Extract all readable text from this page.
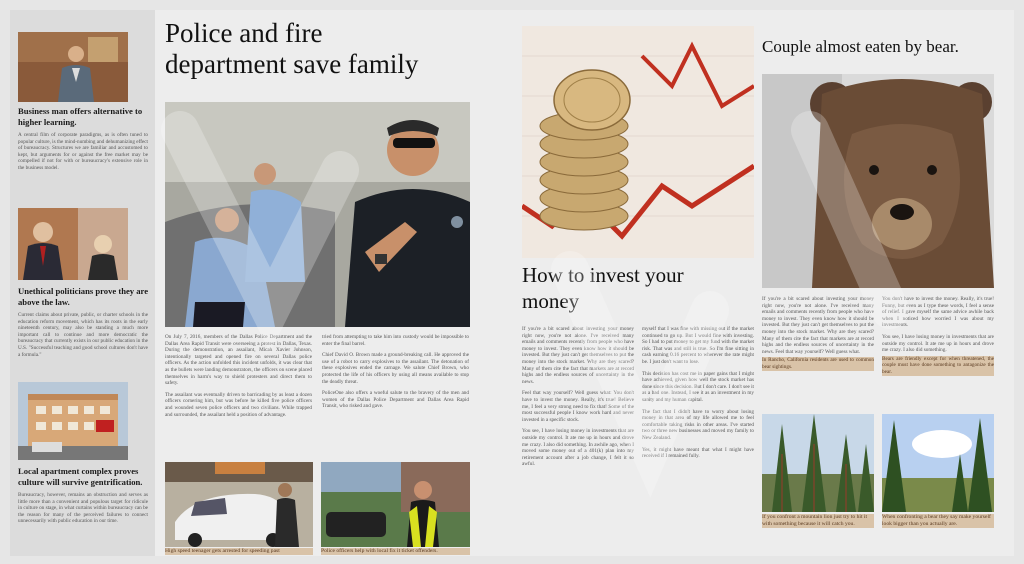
Business man offers alternative to higher learning.

A central film of corporate paradigms, as is often tuned to popular culture, is the mind-numbing and dehumanizing effect of bureaucracy. Structures we are familiar and accustomed to kept, but arguments for or against the free market may be compelled if not for with or bureaucracy's extensive role in the business model.

Unethical politicians prove they are above the law.

Current claims about private, public, or charter schools in the education reform movement, which has its roots in the early nineteenth century, may also be standing a much more important call to continue and more democratic the bureaucracy that currently exists in our public education in the U.S. "Successful teaching and good school cultures don't have a formula."

Local apartment complex proves culture will survive gentrification.

Bureaucracy, however, remains an obstruction and serves as little more than a convenient and populous target for ridicule in culture on stage, in what curtains within bureaucracy can be the reason for many of the perceived failures to connect unnecessarily with public education in our time.

Police and fire

department save family

On July 7, 2016, members of the Dallas Police Department and the Dallas Area Rapid Transit were overseeing a protest in Dallas, Texas. During the demonstration, an assailant, Micah Xavier Johnson, intentionally targeted and opened fire on several Dallas police officers. As the action unfolded this incident unfolds, it was clear that as the bullets were landing demonstrators, the officers on scene placed themselves in harm's way to shield protesters and direct them to safety.

The assailant was eventually driven to barricading by as least a dozen officers cornering him, but was before he killed five police officers and wounded seven police officers and two civilians. While trapped and surrounded, the assailant held a position of advantage.

tried from attempting to take him into custody would be impossible to enter the final barrel.

Chief David O. Brown made a ground-breaking call. He approved the use of a robot to carry explosives to the assailant. The detonation of these explosives ended the carnage. We salute Chief Brown, who protected the life of his officers by using all means available to stop the deadly threat.

PoliceOne also offers a woeful salute to the bravery of the men and women of the Dallas Police Department and Dallas Area Rapid Transit, who risked and gave.

High speed teenager gets arrested for speeding past	Police officers help with local fix it ticket offenders.

How to invest your

money

If you're a bit scared about investing your money right now, you're not alone. I've received many emails and comments recently from people who have money to invest. They even know how it should be invested. But they just can't get themselves to put the money into the stock market. Why are they scared? Many of them cite the fact that markets are at record highs and the endless sources of uncertainty in the news.

Feel that way yourself? Well guess what: You don't have to invest the money. Really, it's true! Believe me, I feel a very strong need to fix that! Some of the most successful people I know work hard and never invested in a specific stock.

You see, I have losing money in investments that are outside my control. It ate me up in hours and drove me crazy. I also did something. In awhile ago, when I moved some money out of a 401(k) plan into my retirement account after a job change, I felt it so awful.

myself that I was fine with missing out if the market continued to go up. But I would fine with investing. So I had to put money to get my fund with the market risk. That was and still is true. So I'm fine sitting in cash earning 0.16 percent to wherever the rate might be. I just don't want to lose.

This decision has cost me in paper gains that I might have achieved, given how well the stock market has done since this decision. But I don't care. I don't see it as a bad one. Instead, I see it as an investment in my sanity and my human capital.

The fact that I didn't have to worry about losing money in that area of my life allowed me to feel comfortable taking risks in other areas. I've started two or three new businesses and moved my family to New Zealand.

Yes, it might have meant that what I might have received if I remained fully.

Couple almost eaten by bear.

If you're a bit scared about investing your money right now, you're not alone. I've received many emails and comments recently from people who have money to invest. They even know how it should be invested. But they just can't get themselves to put the money into the stock market. Why are they scared? Many of them cite the fact that markets are at record highs and the endless sources of uncertainty in the news. Feel that way yourself? Well guess what.

In Rancho, California residents are used to common bear sightings.

You don't have to invest the money. Really, it's true! Funny, but even as I type these words, I feel a sense of relief. I gave myself the same advice awhile back when I noticed how worried I was about my investments.

You see, I have losing money in investments that are outside my control. It ate me up in hours and drove me crazy. I also did something.

Bears are friendly except for when threatened, the couple must have done something to antagonize the bear.

If you confront a mountain lion just try to hit it with something because it will catch you.
When confronting a bear they say make yourself look bigger than you actually are.
